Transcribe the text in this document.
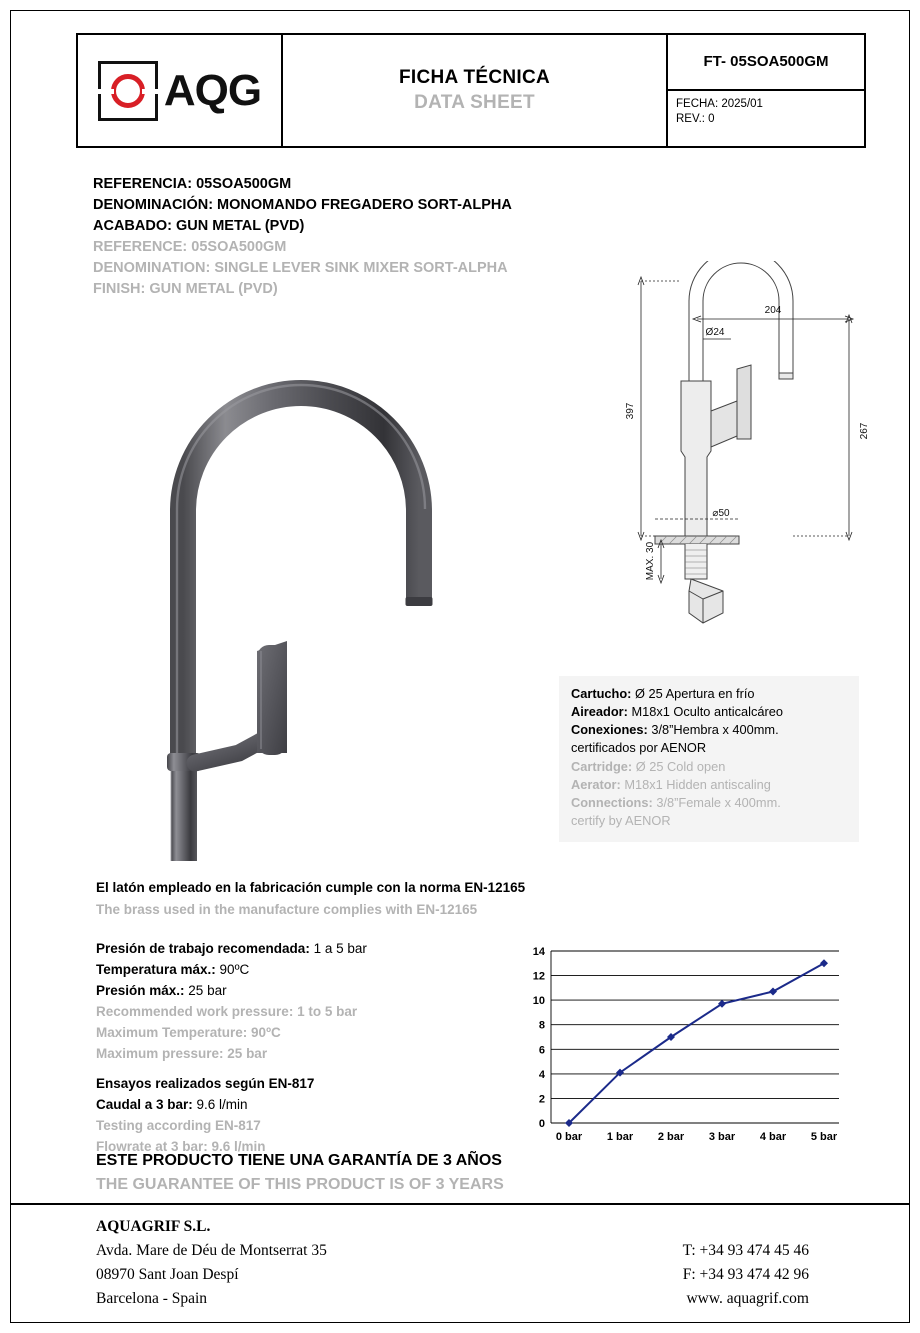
AQG	FICHA TÉCNICA
DATA SHEET
FT- 05SOA500GM
FECHA: 2025/01
REV.: 0
REFERENCIA: 05SOA500GM
DENOMINACIÓN: MONOMANDO FREGADERO SORT-ALPHA
ACABADO: GUN METAL (PVD)
REFERENCE: 05SOA500GM
DENOMINATION: SINGLE LEVER SINK MIXER SORT-ALPHA
FINISH: GUN METAL (PVD)
397
204
Ø24
267
⌀50
MAX. 30
Cartucho: Ø 25 Apertura en frío
Aireador: M18x1 Oculto anticalcáreo
Conexiones: 3/8”Hembra x 400mm.
certificados por AENOR
Cartridge: Ø 25 Cold open
Aerator: M18x1 Hidden antiscaling
Connections: 3/8”Female x 400mm.
certify by AENOR
El latón empleado en la fabricación cumple con la norma EN-12165
The brass used in the manufacture complies with EN-12165
Presión de trabajo recomendada: 1 a 5 bar
Temperatura máx.: 90ºC
Presión máx.: 25 bar
Recommended work pressure: 1 to 5 bar
Maximum Temperature: 90ºC
Maximum pressure: 25 bar
Ensayos realizados según EN-817
Caudal a 3 bar: 9.6 l/min
Testing according EN-817
Flowrate at 3 bar: 9.6 l/min
0
2
4
6
8
10
12
14
0 bar 1 bar 2 bar 3 bar 4 bar 5 bar
ESTE PRODUCTO TIENE UNA GARANTÍA DE 3 AÑOS
THE GUARANTEE OF THIS PRODUCT IS OF 3 YEARS
AQUAGRIF S.L.
Avda. Mare de Déu de Montserrat 35
08970 Sant Joan Despí
Barcelona - Spain
T: +34 93 474 45 46
F: +34 93 474 42 96
www. aquagrif.com
